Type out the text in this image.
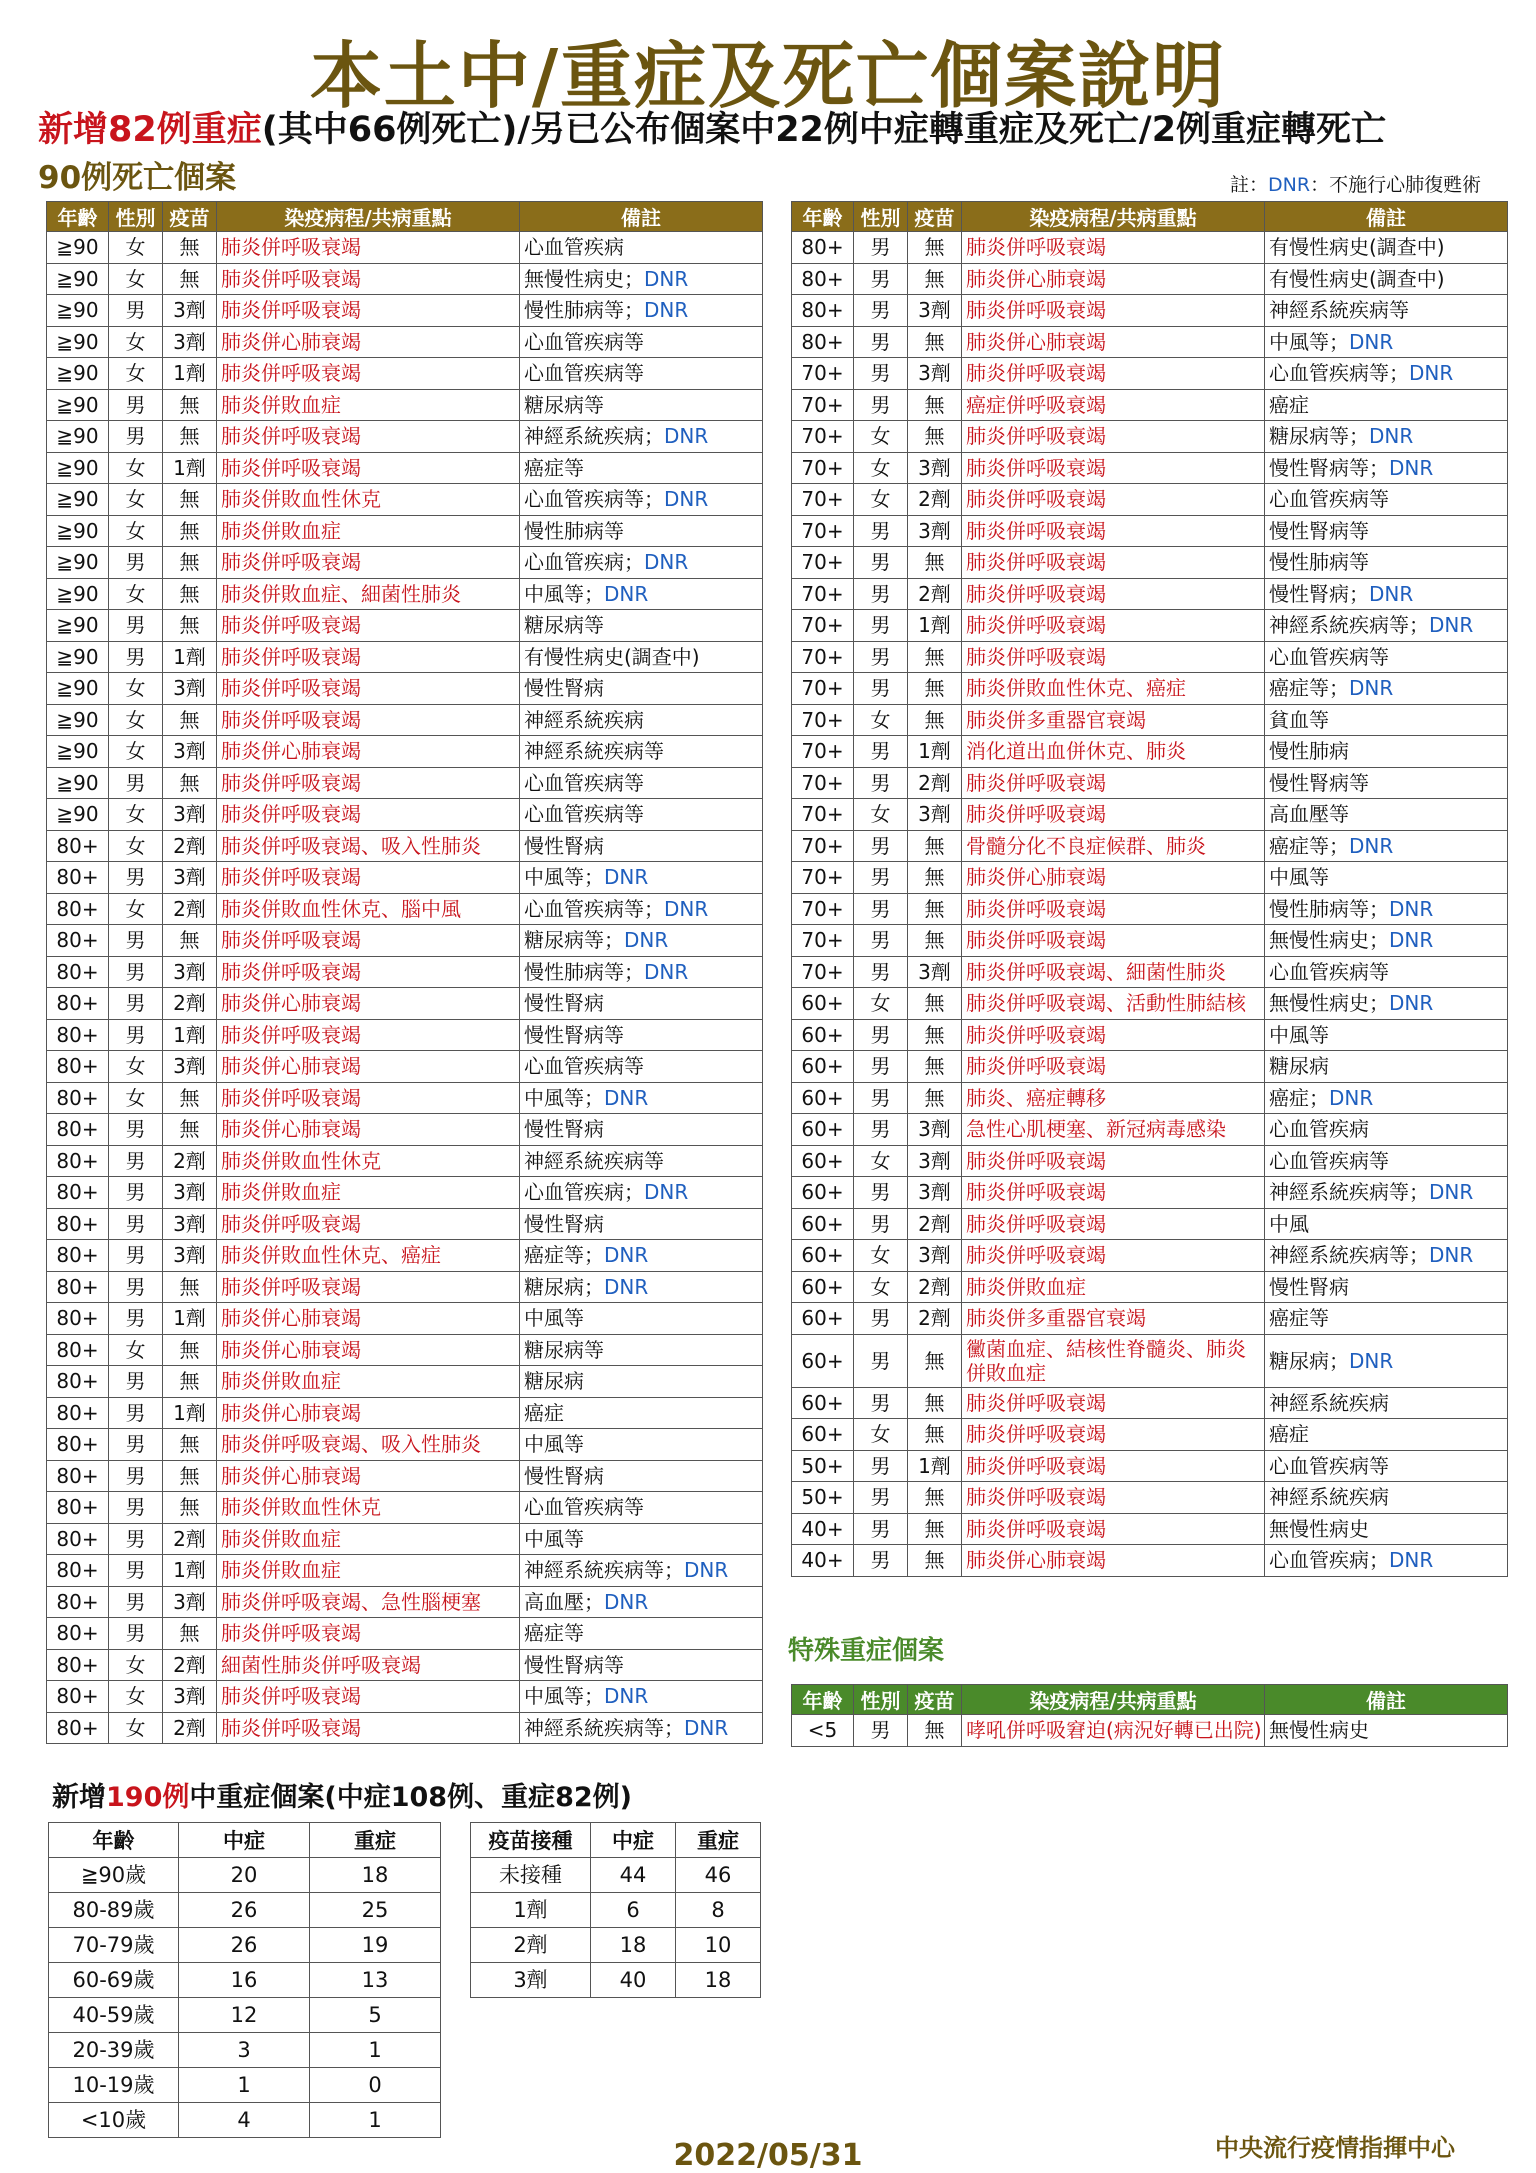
本土中/重症及死亡個案說明
新增82例重症(其中66例死亡)/另已公布個案中22例中症轉重症及死亡/2例重症轉死亡
90例死亡個案	註：DNR：不施行心肺復甦術
年齡	性別	疫苗	染疫病程/共病重點	備註
≧90	女	無	肺炎併呼吸衰竭	心血管疾病
≧90	女	無	肺炎併呼吸衰竭	無慢性病史；DNR
≧90	男	3劑	肺炎併呼吸衰竭	慢性肺病等；DNR
≧90	女	3劑	肺炎併心肺衰竭	心血管疾病等
≧90	女	1劑	肺炎併呼吸衰竭	心血管疾病等
≧90	男	無	肺炎併敗血症	糖尿病等
≧90	男	無	肺炎併呼吸衰竭	神經系統疾病；DNR
≧90	女	1劑	肺炎併呼吸衰竭	癌症等
≧90	女	無	肺炎併敗血性休克	心血管疾病等；DNR
≧90	女	無	肺炎併敗血症	慢性肺病等
≧90	男	無	肺炎併呼吸衰竭	心血管疾病；DNR
≧90	女	無	肺炎併敗血症、細菌性肺炎	中風等；DNR
≧90	男	無	肺炎併呼吸衰竭	糖尿病等
≧90	男	1劑	肺炎併呼吸衰竭	有慢性病史(調查中)
≧90	女	3劑	肺炎併呼吸衰竭	慢性腎病
≧90	女	無	肺炎併呼吸衰竭	神經系統疾病
≧90	女	3劑	肺炎併心肺衰竭	神經系統疾病等
≧90	男	無	肺炎併呼吸衰竭	心血管疾病等
≧90	女	3劑	肺炎併呼吸衰竭	心血管疾病等
80+	女	2劑	肺炎併呼吸衰竭、吸入性肺炎	慢性腎病
80+	男	3劑	肺炎併呼吸衰竭	中風等；DNR
80+	女	2劑	肺炎併敗血性休克、腦中風	心血管疾病等；DNR
80+	男	無	肺炎併呼吸衰竭	糖尿病等；DNR
80+	男	3劑	肺炎併呼吸衰竭	慢性肺病等；DNR
80+	男	2劑	肺炎併心肺衰竭	慢性腎病
80+	男	1劑	肺炎併呼吸衰竭	慢性腎病等
80+	女	3劑	肺炎併心肺衰竭	心血管疾病等
80+	女	無	肺炎併呼吸衰竭	中風等；DNR
80+	男	無	肺炎併心肺衰竭	慢性腎病
80+	男	2劑	肺炎併敗血性休克	神經系統疾病等
80+	男	3劑	肺炎併敗血症	心血管疾病；DNR
80+	男	3劑	肺炎併呼吸衰竭	慢性腎病
80+	男	3劑	肺炎併敗血性休克、癌症	癌症等；DNR
80+	男	無	肺炎併呼吸衰竭	糖尿病；DNR
80+	男	1劑	肺炎併心肺衰竭	中風等
80+	女	無	肺炎併心肺衰竭	糖尿病等
80+	男	無	肺炎併敗血症	糖尿病
80+	男	1劑	肺炎併心肺衰竭	癌症
80+	男	無	肺炎併呼吸衰竭、吸入性肺炎	中風等
80+	男	無	肺炎併心肺衰竭	慢性腎病
80+	男	無	肺炎併敗血性休克	心血管疾病等
80+	男	2劑	肺炎併敗血症	中風等
80+	男	1劑	肺炎併敗血症	神經系統疾病等；DNR
80+	男	3劑	肺炎併呼吸衰竭、急性腦梗塞	高血壓；DNR
80+	男	無	肺炎併呼吸衰竭	癌症等
80+	女	2劑	細菌性肺炎併呼吸衰竭	慢性腎病等
80+	女	3劑	肺炎併呼吸衰竭	中風等；DNR
80+	女	2劑	肺炎併呼吸衰竭	神經系統疾病等；DNR
年齡	性別	疫苗	染疫病程/共病重點	備註
80+	男	無	肺炎併呼吸衰竭	有慢性病史(調查中)
80+	男	無	肺炎併心肺衰竭	有慢性病史(調查中)
80+	男	3劑	肺炎併呼吸衰竭	神經系統疾病等
80+	男	無	肺炎併心肺衰竭	中風等；DNR
70+	男	3劑	肺炎併呼吸衰竭	心血管疾病等；DNR
70+	男	無	癌症併呼吸衰竭	癌症
70+	女	無	肺炎併呼吸衰竭	糖尿病等；DNR
70+	女	3劑	肺炎併呼吸衰竭	慢性腎病等；DNR
70+	女	2劑	肺炎併呼吸衰竭	心血管疾病等
70+	男	3劑	肺炎併呼吸衰竭	慢性腎病等
70+	男	無	肺炎併呼吸衰竭	慢性肺病等
70+	男	2劑	肺炎併呼吸衰竭	慢性腎病；DNR
70+	男	1劑	肺炎併呼吸衰竭	神經系統疾病等；DNR
70+	男	無	肺炎併呼吸衰竭	心血管疾病等
70+	男	無	肺炎併敗血性休克、癌症	癌症等；DNR
70+	女	無	肺炎併多重器官衰竭	貧血等
70+	男	1劑	消化道出血併休克、肺炎	慢性肺病
70+	男	2劑	肺炎併呼吸衰竭	慢性腎病等
70+	女	3劑	肺炎併呼吸衰竭	高血壓等
70+	男	無	骨髓分化不良症候群、肺炎	癌症等；DNR
70+	男	無	肺炎併心肺衰竭	中風等
70+	男	無	肺炎併呼吸衰竭	慢性肺病等；DNR
70+	男	無	肺炎併呼吸衰竭	無慢性病史；DNR
70+	男	3劑	肺炎併呼吸衰竭、細菌性肺炎	心血管疾病等
60+	女	無	肺炎併呼吸衰竭、活動性肺結核	無慢性病史；DNR
60+	男	無	肺炎併呼吸衰竭	中風等
60+	男	無	肺炎併呼吸衰竭	糖尿病
60+	男	無	肺炎、癌症轉移	癌症；DNR
60+	男	3劑	急性心肌梗塞、新冠病毒感染	心血管疾病
60+	女	3劑	肺炎併呼吸衰竭	心血管疾病等
60+	男	3劑	肺炎併呼吸衰竭	神經系統疾病等；DNR
60+	男	2劑	肺炎併呼吸衰竭	中風
60+	女	3劑	肺炎併呼吸衰竭	神經系統疾病等；DNR
60+	女	2劑	肺炎併敗血症	慢性腎病
60+	男	2劑	肺炎併多重器官衰竭	癌症等
60+	男	無	黴菌血症、結核性脊髓炎、肺炎併敗血症	糖尿病；DNR
60+	男	無	肺炎併呼吸衰竭	神經系統疾病
60+	女	無	肺炎併呼吸衰竭	癌症
50+	男	1劑	肺炎併呼吸衰竭	心血管疾病等
50+	男	無	肺炎併呼吸衰竭	神經系統疾病
40+	男	無	肺炎併呼吸衰竭	無慢性病史
40+	男	無	肺炎併心肺衰竭	心血管疾病；DNR
特殊重症個案
年齡	性別	疫苗	染疫病程/共病重點	備註
<5	男	無	哮吼併呼吸窘迫(病況好轉已出院)	無慢性病史
新增190例中重症個案(中症108例、重症82例)
年齡	中症	重症
≧90歲	20	18
80-89歲	26	25
70-79歲	26	19
60-69歲	16	13
40-59歲	12	5
20-39歲	3	1
10-19歲	1	0
<10歲	4	1
疫苗接種	中症	重症
未接種	44	46
1劑	6	8
2劑	18	10
3劑	40	18
2022/05/31	中央流行疫情指揮中心
